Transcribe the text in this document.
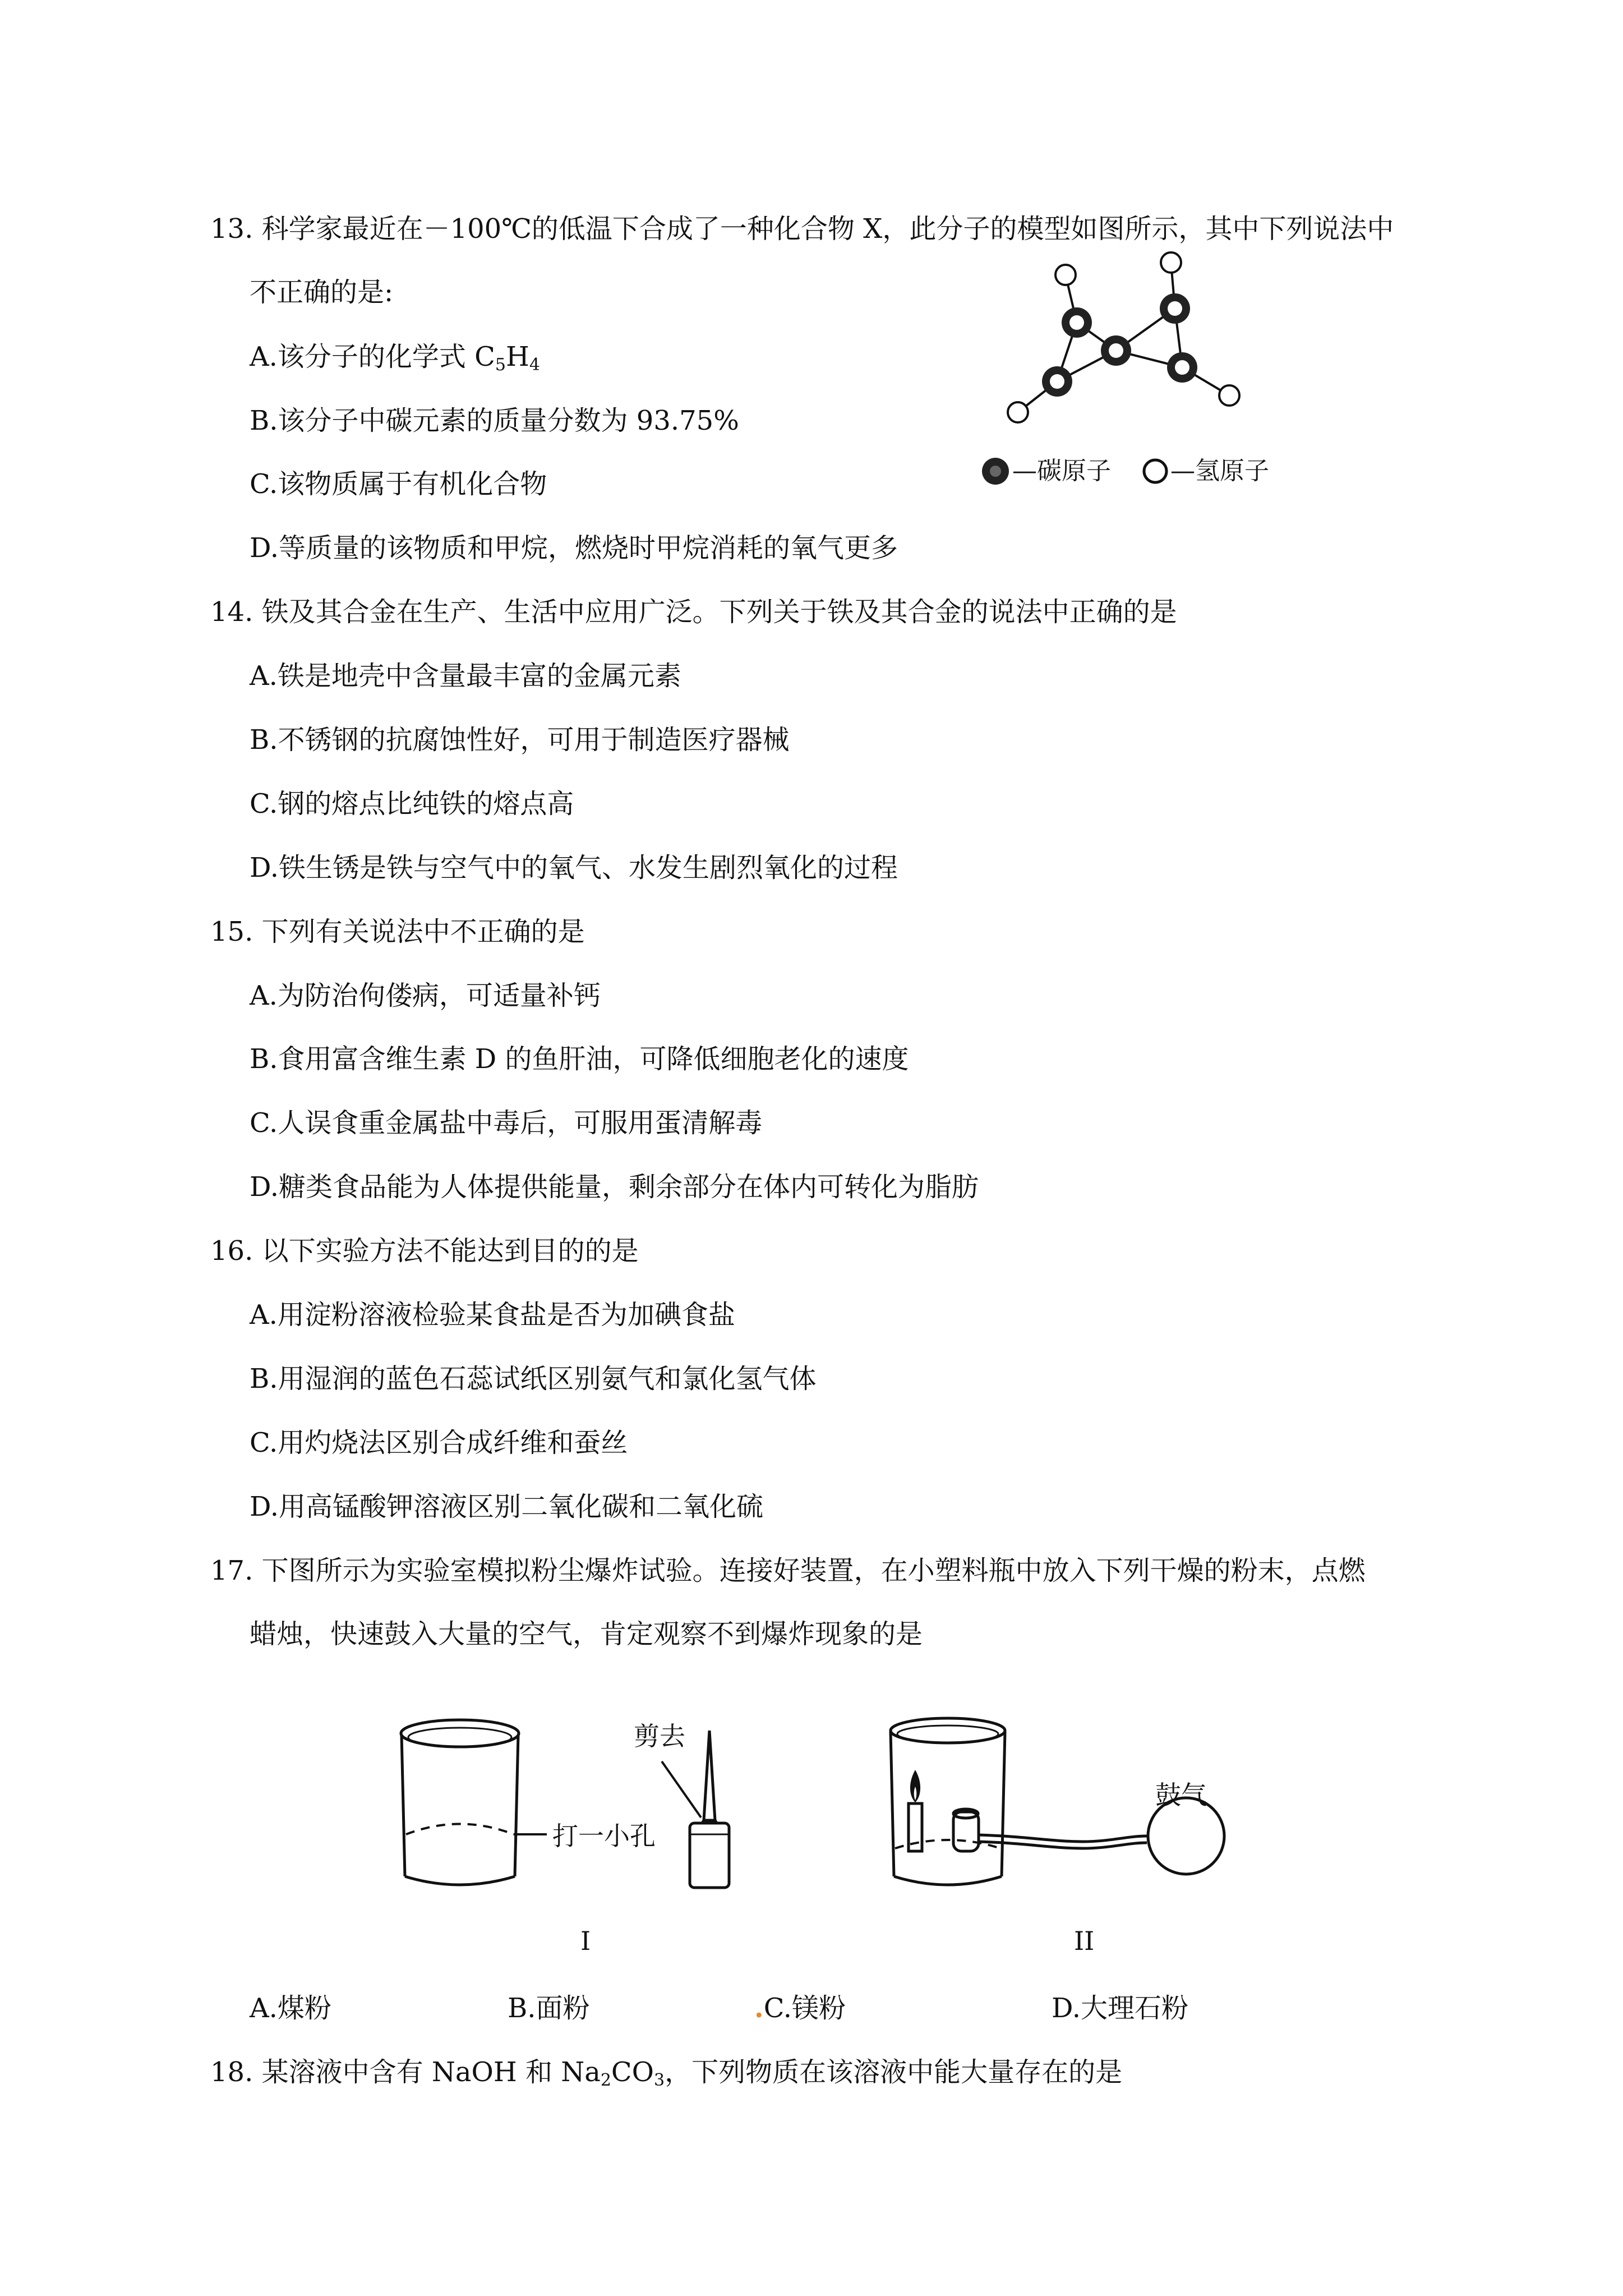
13. 科学家最近在－100℃的低温下合成了一种化合物 X，此分子的模型如图所示，其中下列说法中
不正确的是:
A.该分子的化学式 $C_5H_4$
B.该分子中碳元素的质量分数为 93.75%
C.该物质属于有机化合物
D.等质量的该物质和甲烷，燃烧时甲烷消耗的氧气更多
—碳原子 —氢原子
14. 铁及其合金在生产、生活中应用广泛。下列关于铁及其合金的说法中正确的是
A.铁是地壳中含量最丰富的金属元素
B.不锈钢的抗腐蚀性好，可用于制造医疗器械
C.钢的熔点比纯铁的熔点高
D.铁生锈是铁与空气中的氧气、水发生剧烈氧化的过程
15. 下列有关说法中不正确的是
A.为防治佝偻病，可适量补钙
B.食用富含维生素 D 的鱼肝油，可降低细胞老化的速度
C.人误食重金属盐中毒后，可服用蛋清解毒
D.糖类食品能为人体提供能量，剩余部分在体内可转化为脂肪
16. 以下实验方法不能达到目的的是
A.用淀粉溶液检验某食盐是否为加碘食盐
B.用湿润的蓝色石蕊试纸区别氨气和氯化氢气体
C.用灼烧法区别合成纤维和蚕丝
D.用高锰酸钾溶液区别二氧化碳和二氧化硫
17. 下图所示为实验室模拟粉尘爆炸试验。连接好装置，在小塑料瓶中放入下列干燥的粉末，点燃
蜡烛，快速鼓入大量的空气，肯定观察不到爆炸现象的是
打一小孔
剪去
I
鼓气
II
A.煤粉	B.面粉	.C.镁粉	D.大理石粉
18. 某溶液中含有 NaOH 和 $Na_2CO_3$，下列物质在该溶液中能大量存在的是
